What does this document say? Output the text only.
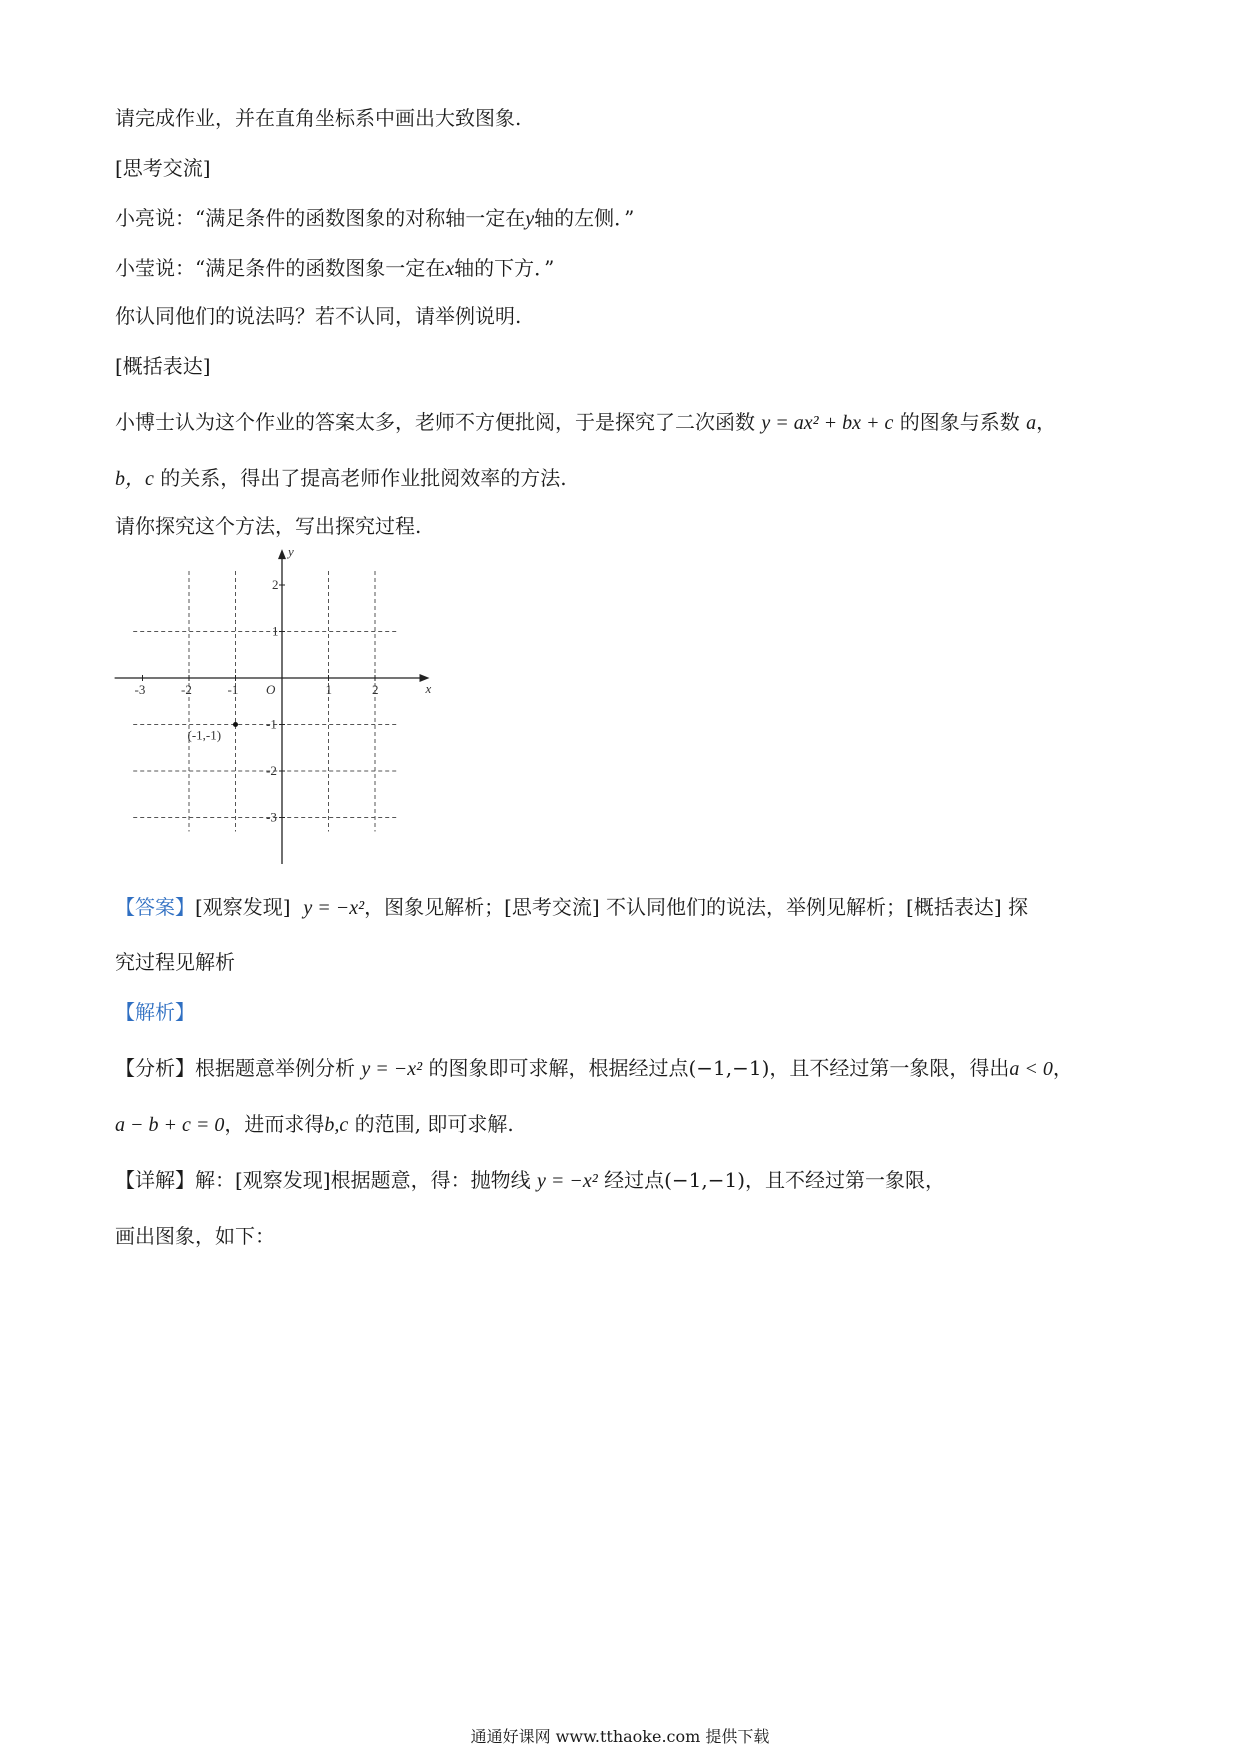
请完成作业，并在直角坐标系中画出大致图象.
[思考交流]
小亮说：“满足条件的函数图象的对称轴一定在y轴的左侧．”
小莹说：“满足条件的函数图象一定在x轴的下方．”
你认同他们的说法吗？若不认同，请举例说明.
[概括表达]
小博士认为这个作业的答案太多，老师不方便批阅，于是探究了二次函数 y = ax² + bx + c 的图象与系数 a，
b，c 的关系，得出了提高老师作业批阅效率的方法.
请你探究这个方法，写出探究过程.
x
y
O
-3	-2	-1	1	2
2
1
-1
-2
-3
(-1,-1)
【答案】[观察发现] y = −x²，图象见解析；[思考交流] 不认同他们的说法，举例见解析；[概括表达] 探
究过程见解析
【解析】
【分析】根据题意举例分析 y = −x² 的图象即可求解，根据经过点(−1,−1)，且不经过第一象限，得出a < 0，
a − b + c = 0，进而求得b,c 的范围, 即可求解.
【详解】解：[观察发现]根据题意，得：抛物线 y = −x² 经过点(−1,−1)，且不经过第一象限，
画出图象，如下：
通通好课网 www.tthaoke.com 提供下载
